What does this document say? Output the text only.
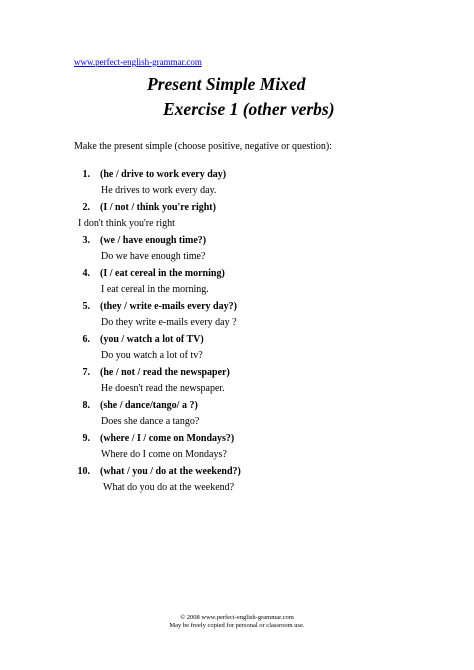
www.perfect-english-grammar.com
Present Simple Mixed
Exercise 1 (other verbs)
Make the present simple (choose positive, negative or question):
1. (he / drive to work every day)
He drives to work every day.
2. (I / not / think you're right)
I don't think you're right
3. (we / have enough time?)
Do we have enough time?
4. (I / eat cereal in the morning)
I eat cereal in the morning.
5. (they / write e-mails every day?)
Do they write e-mails every day ?
6. (you / watch a lot of TV)
Do you watch a lot of tv?
7. (he / not / read the newspaper)
He doesn't read the newspaper.
8. (she / dance/tango/ a ?)
Does she dance a tango?
9. (where / I / come on Mondays?)
Where do I come on Mondays?
10. (what / you / do at the weekend?)
What do you do at the weekend?
© 2008 www.perfect-english-grammar.com
May be freely copied for personal or classroom use.
